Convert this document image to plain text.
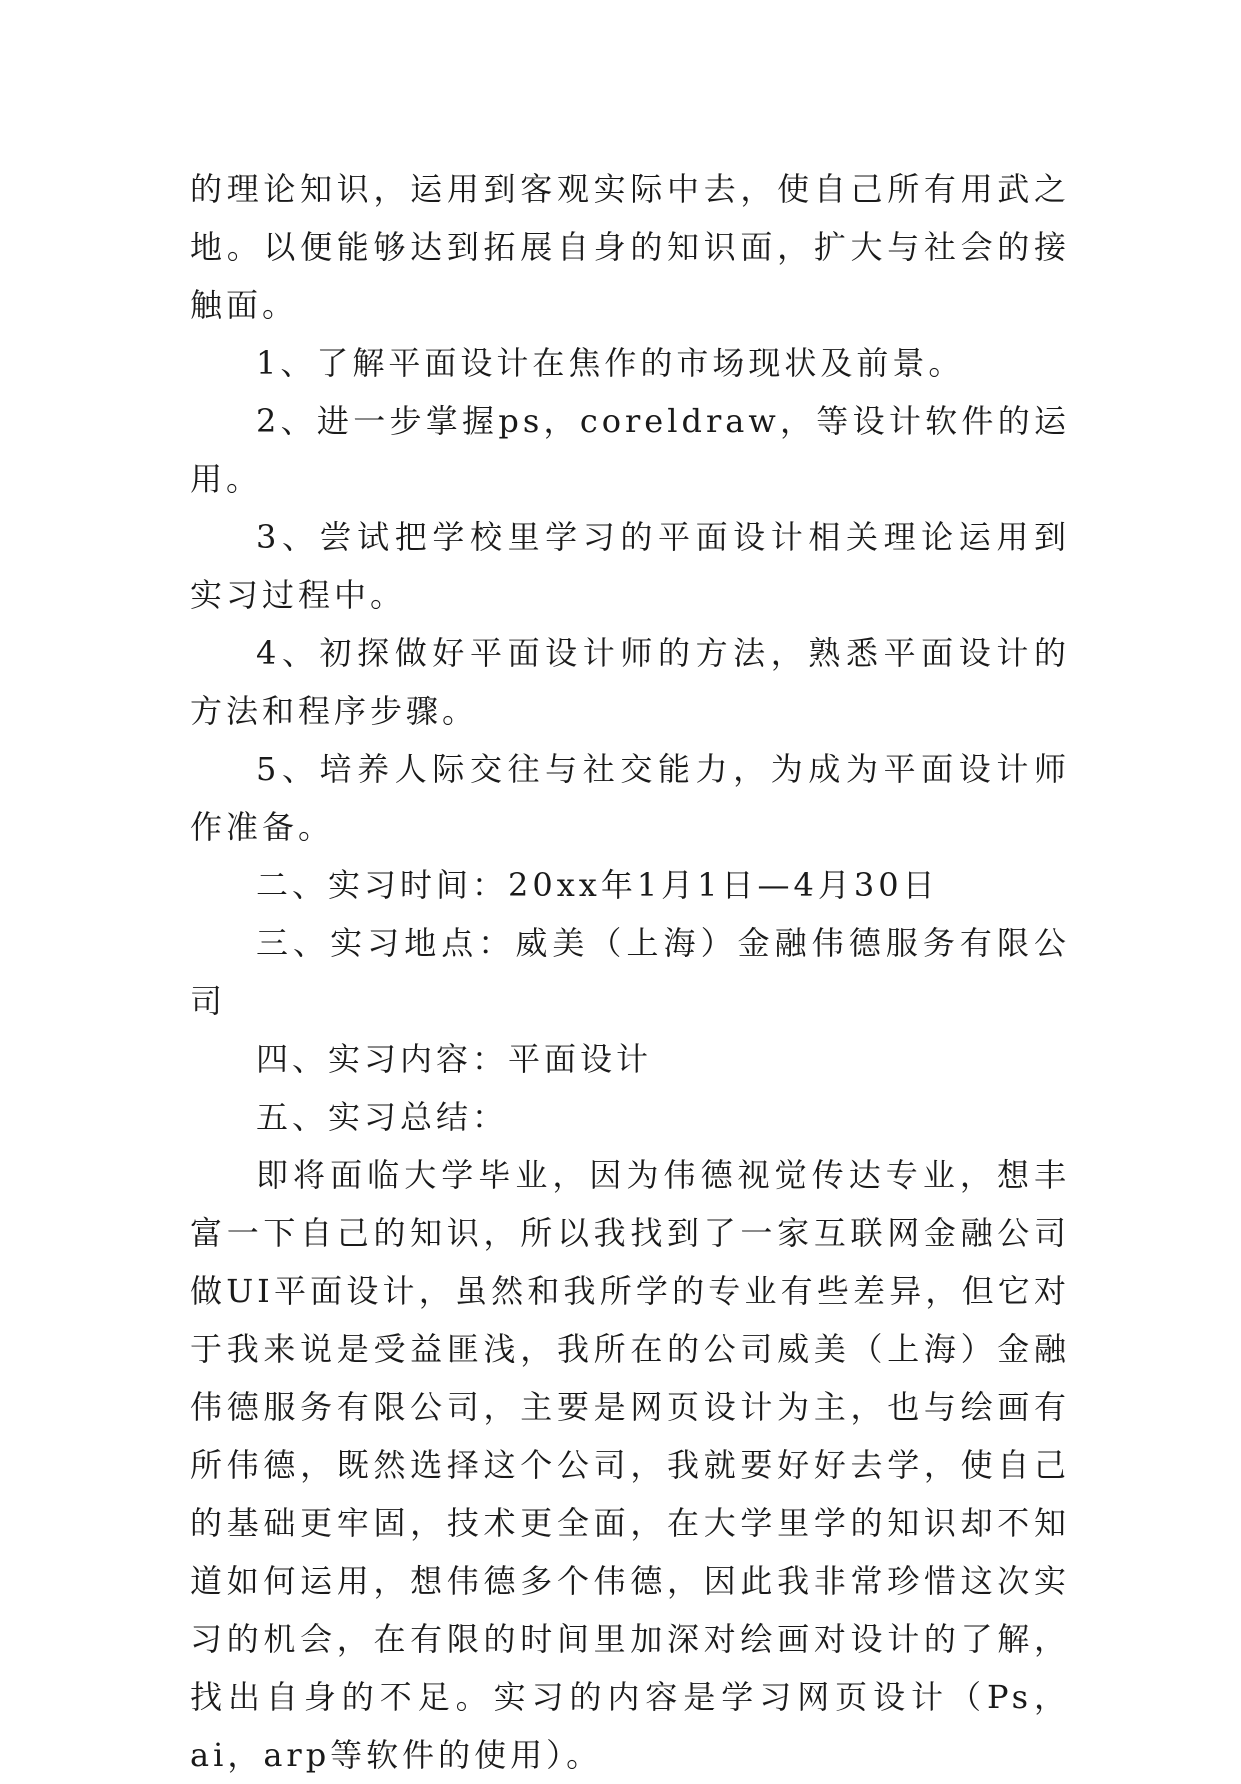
的理论知识，运用到客观实际中去，使自己所有用武之地。以便能够达到拓展自身的知识面，扩大与社会的接触面。

1、了解平面设计在焦作的市场现状及前景。

2、进一步掌握ps，coreldraw，等设计软件的运用。

3、尝试把学校里学习的平面设计相关理论运用到实习过程中。

4、初探做好平面设计师的方法，熟悉平面设计的方法和程序步骤。

5、培养人际交往与社交能力，为成为平面设计师作准备。

二、实习时间：20xx年1月1日—4月30日

三、实习地点：威美（上海）金融伟德服务有限公司

四、实习内容：平面设计

五、实习总结：

即将面临大学毕业，因为伟德视觉传达专业，想丰富一下自己的知识，所以我找到了一家互联网金融公司做UI平面设计，虽然和我所学的专业有些差异，但它对于我来说是受益匪浅，我所在的公司威美（上海）金融伟德服务有限公司，主要是网页设计为主，也与绘画有所伟德，既然选择这个公司，我就要好好去学，使自己的基础更牢固，技术更全面，在大学里学的知识却不知道如何运用，想伟德多个伟德，因此我非常珍惜这次实习的机会，在有限的时间里加深对绘画对设计的了解，找出自身的不足。实习的内容是学习网页设计（Ps，ai，arp等软件的使用）。
